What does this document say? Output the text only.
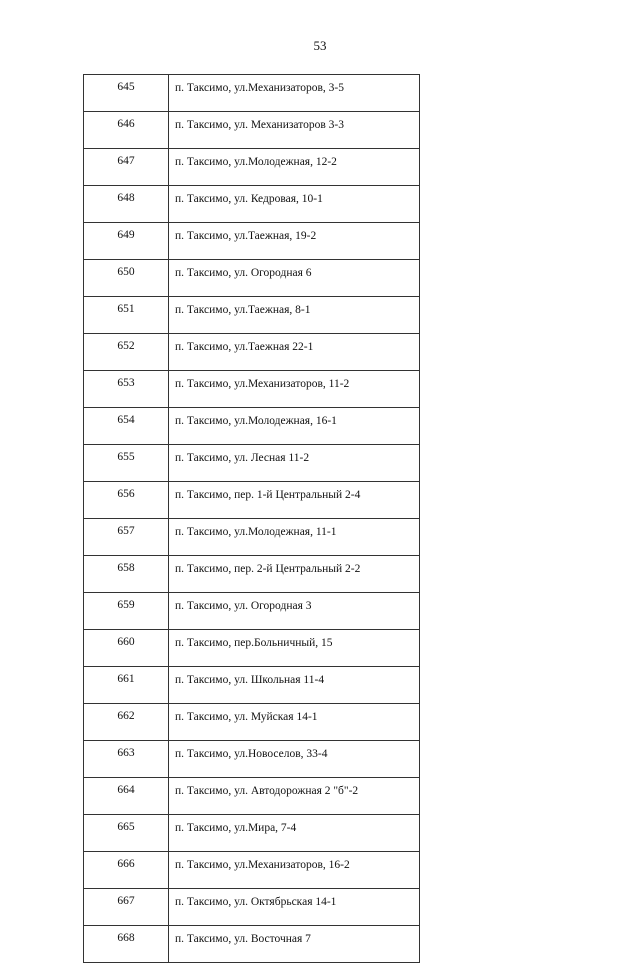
53
645	п. Таксимо, ул.Механизаторов, 3-5
646	п. Таксимо, ул. Механизаторов 3-3
647	п. Таксимо, ул.Молодежная, 12-2
648	п. Таксимо, ул. Кедровая, 10-1
649	п. Таксимо, ул.Таежная, 19-2
650	п. Таксимо, ул. Огородная 6
651	п. Таксимо, ул.Таежная, 8-1
652	п. Таксимо, ул.Таежная 22-1
653	п. Таксимо, ул.Механизаторов, 11-2
654	п. Таксимо, ул.Молодежная, 16-1
655	п. Таксимо, ул. Лесная 11-2
656	п. Таксимо, пер. 1-й Центральный 2-4
657	п. Таксимо, ул.Молодежная, 11-1
658	п. Таксимо, пер. 2-й Центральный 2-2
659	п. Таксимо, ул. Огородная 3
660	п. Таксимо, пер.Больничный, 15
661	п. Таксимо, ул. Школьная 11-4
662	п. Таксимо, ул. Муйская 14-1
663	п. Таксимо, ул.Новоселов, 33-4
664	п. Таксимо, ул. Автодорожная 2 "б"-2
665	п. Таксимо, ул.Мира, 7-4
666	п. Таксимо, ул.Механизаторов, 16-2
667	п. Таксимо, ул. Октябрьская 14-1
668	п. Таксимо, ул. Восточная 7
